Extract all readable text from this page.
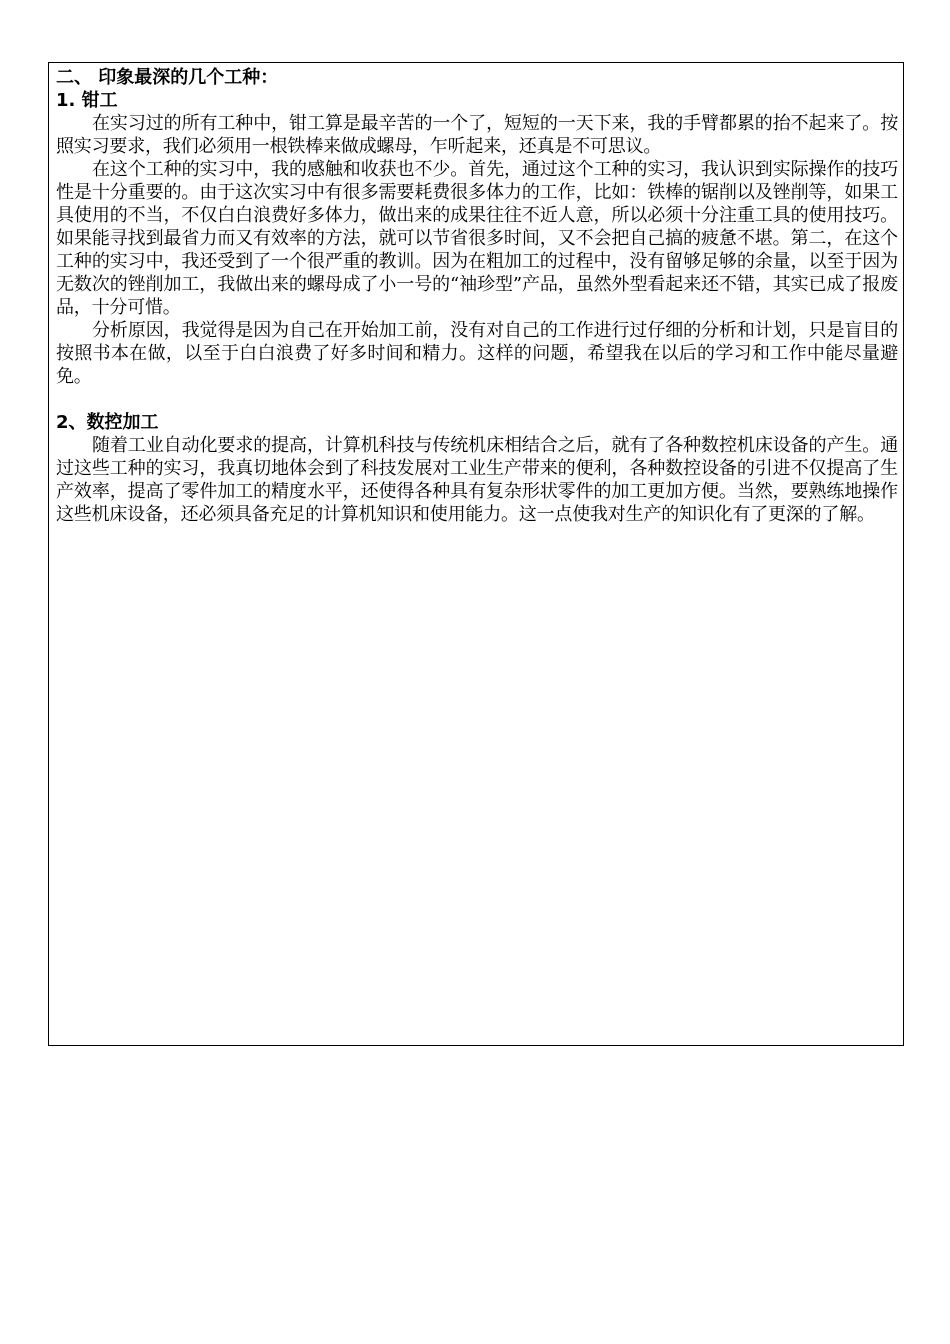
二、 印象最深的几个工种：

1. 钳工

在实习过的所有工种中，钳工算是最辛苦的一个了，短短的一天下来，我的手臂都累的抬不起来了。按照实习要求，我们必须用一根铁棒来做成螺母，乍听起来，还真是不可思议。

在这个工种的实习中，我的感触和收获也不少。首先，通过这个工种的实习，我认识到实际操作的技巧性是十分重要的。由于这次实习中有很多需要耗费很多体力的工作，比如：铁棒的锯削以及锉削等，如果工具使用的不当，不仅白白浪费好多体力，做出来的成果往往不近人意，所以必须十分注重工具的使用技巧。如果能寻找到最省力而又有效率的方法，就可以节省很多时间，又不会把自己搞的疲惫不堪。第二，在这个工种的实习中，我还受到了一个很严重的教训。因为在粗加工的过程中，没有留够足够的余量，以至于因为无数次的锉削加工，我做出来的螺母成了小一号的“袖珍型”产品，虽然外型看起来还不错，其实已成了报废品，十分可惜。

分析原因，我觉得是因为自己在开始加工前，没有对自己的工作进行过仔细的分析和计划，只是盲目的按照书本在做，以至于白白浪费了好多时间和精力。这样的问题，希望我在以后的学习和工作中能尽量避免。

2、数控加工

随着工业自动化要求的提高，计算机科技与传统机床相结合之后，就有了各种数控机床设备的产生。通过这些工种的实习，我真切地体会到了科技发展对工业生产带来的便利，各种数控设备的引进不仅提高了生产效率，提高了零件加工的精度水平，还使得各种具有复杂形状零件的加工更加方便。当然，要熟练地操作这些机床设备，还必须具备充足的计算机知识和使用能力。这一点使我对生产的知识化有了更深的了解。
